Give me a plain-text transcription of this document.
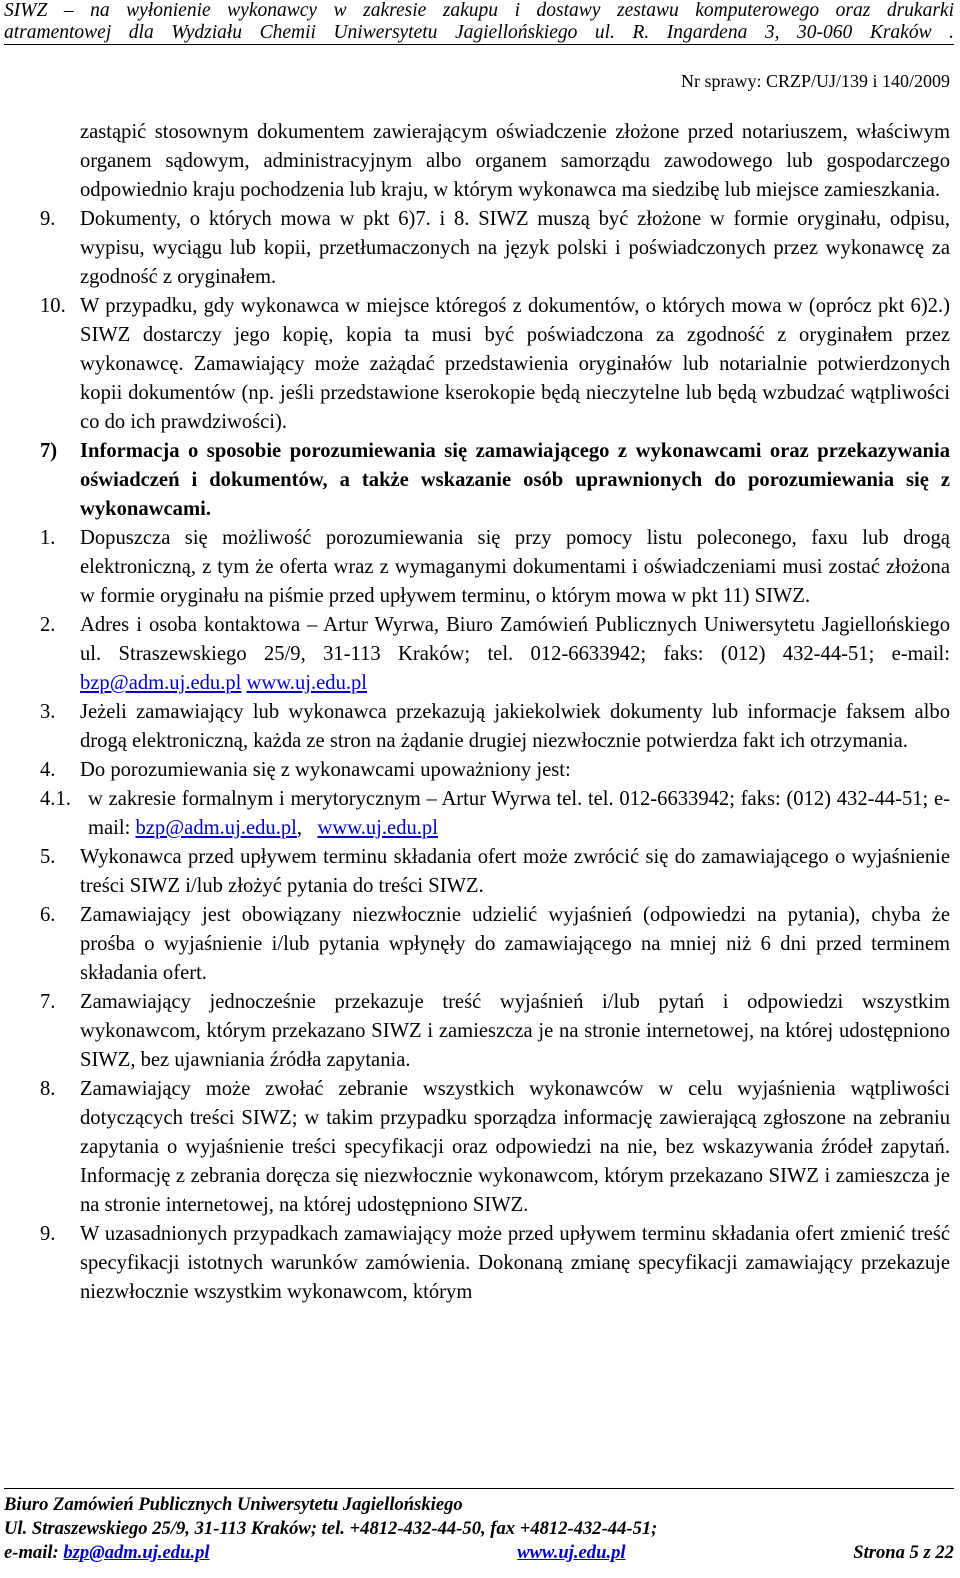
SIWZ – na wyłonienie wykonawcy w zakresie zakupu i dostawy zestawu komputerowego oraz drukarki
atramentowej dla Wydziału Chemii Uniwersytetu Jagiellońskiego ul. R. Ingardena 3, 30-060 Kraków .
Nr sprawy: CRZP/UJ/139 i 140/2009

zastąpić stosownym dokumentem zawierającym oświadczenie złożone przed notariuszem, właściwym organem sądowym, administracyjnym albo organem samorządu zawodowego lub gospodarczego odpowiednio kraju pochodzenia lub kraju, w którym wykonawca ma siedzibę lub miejsce zamieszkania.

9.	Dokumenty, o których mowa w pkt 6)7. i 8. SIWZ muszą być złożone w formie oryginału, odpisu, wypisu, wyciągu lub kopii, przetłumaczonych na język polski i poświadczonych przez wykonawcę za zgodność z oryginałem.
10. W przypadku, gdy wykonawca w miejsce któregoś z dokumentów, o których mowa w (oprócz pkt 6)2.) SIWZ dostarczy jego kopię, kopia ta musi być poświadczona za zgodność z oryginałem przez wykonawcę. Zamawiający może zażądać przedstawienia oryginałów lub notarialnie potwierdzonych kopii dokumentów (np. jeśli przedstawione kserokopie będą nieczytelne lub będą wzbudzać wątpliwości co do ich prawdziwości).
7)	Informacja o sposobie porozumiewania się zamawiającego z wykonawcami oraz przekazywania oświadczeń i dokumentów, a także wskazanie osób uprawnionych do porozumiewania się z wykonawcami.
1.	Dopuszcza się możliwość porozumiewania się przy pomocy listu poleconego, faxu lub drogą elektroniczną, z tym że oferta wraz z wymaganymi dokumentami i oświadczeniami musi zostać złożona w formie oryginału na piśmie przed upływem terminu, o którym mowa w pkt 11) SIWZ.
2.	Adres i osoba kontaktowa – Artur Wyrwa, Biuro Zamówień Publicznych Uniwersytetu Jagiellońskiego ul. Straszewskiego 25/9, 31-113 Kraków; tel. 012-6633942; faks: (012) 432-44-51; e-mail: bzp@adm.uj.edu.pl www.uj.edu.pl
3.	Jeżeli zamawiający lub wykonawca przekazują jakiekolwiek dokumenty lub informacje faksem albo drogą elektroniczną, każda ze stron na żądanie drugiej niezwłocznie potwierdza fakt ich otrzymania.
4.	Do porozumiewania się z wykonawcami upoważniony jest:
4.1. w zakresie formalnym i merytorycznym – Artur Wyrwa tel. tel. 012-6633942; faks: (012) 432-44-51; e-mail: bzp@adm.uj.edu.pl,   www.uj.edu.pl
5.	Wykonawca przed upływem terminu składania ofert może zwrócić się do zamawiającego o wyjaśnienie treści SIWZ i/lub złożyć pytania do treści SIWZ.
6.	Zamawiający jest obowiązany niezwłocznie udzielić wyjaśnień (odpowiedzi na pytania), chyba że prośba o wyjaśnienie i/lub pytania wpłynęły do zamawiającego na mniej niż 6 dni przed terminem składania ofert.
7.	Zamawiający jednocześnie przekazuje treść wyjaśnień i/lub pytań i odpowiedzi wszystkim wykonawcom, którym przekazano SIWZ i zamieszcza je na stronie internetowej, na której udostępniono SIWZ, bez ujawniania źródła zapytania.
8.	Zamawiający może zwołać zebranie wszystkich wykonawców w celu wyjaśnienia wątpliwości dotyczących treści SIWZ; w takim przypadku sporządza informację zawierającą zgłoszone na zebraniu zapytania o wyjaśnienie treści specyfikacji oraz odpowiedzi na nie, bez wskazywania źródeł zapytań. Informację z zebrania doręcza się niezwłocznie wykonawcom, którym przekazano SIWZ i zamieszcza je na stronie internetowej, na której udostępniono SIWZ.
9.	W uzasadnionych przypadkach zamawiający może przed upływem terminu składania ofert zmienić treść specyfikacji istotnych warunków zamówienia. Dokonaną zmianę specyfikacji zamawiający przekazuje niezwłocznie wszystkim wykonawcom, którym
Biuro Zamówień Publicznych Uniwersytetu Jagiellońskiego
Ul. Straszewskiego 25/9, 31-113 Kraków; tel. +4812-432-44-50, fax +4812-432-44-51;
e-mail: bzp@adm.uj.edu.pl	www.uj.edu.pl	Strona 5 z 22
